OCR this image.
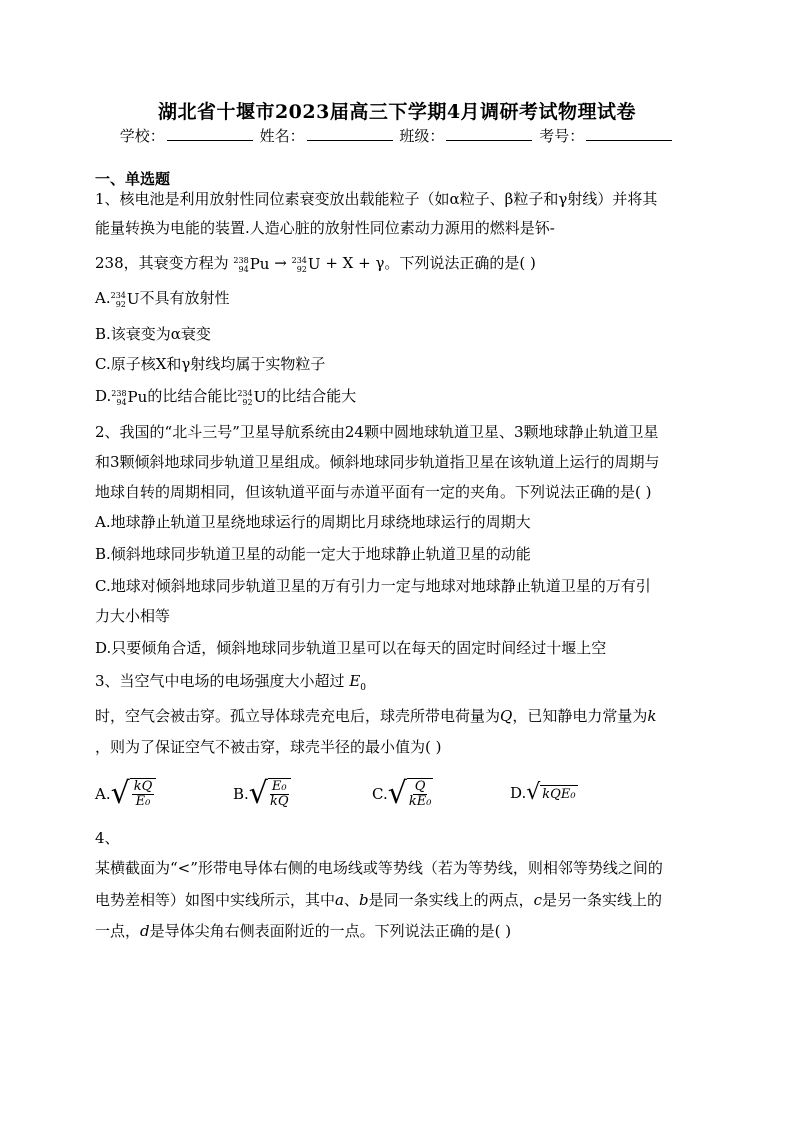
湖北省十堰市2023届高三下学期4月调研考试物理试卷
学校：	姓名：	班级：	考号：
一、单选题
1、核电池是利用放射性同位素衰变放出载能粒子（如α粒子、β粒子和γ射线）并将其
能量转换为电能的装置.人造心脏的放射性同位素动力源用的燃料是钚-
238，其衰变方程为 238
94 Pu → 234
92 U + X + γ。下列说法正确的是( )
A. 234
92 U不具有放射性
B.该衰变为α衰变
C.原子核X和γ射线均属于实物粒子
D. 238
94 Pu的比结合能比 234
92 U的比结合能大
2、我国的“北斗三号”卫星导航系统由24颗中圆地球轨道卫星、3颗地球静止轨道卫星
和3颗倾斜地球同步轨道卫星组成。倾斜地球同步轨道指卫星在该轨道上运行的周期与
地球自转的周期相同，但该轨道平面与赤道平面有一定的夹角。下列说法正确的是( )
A.地球静止轨道卫星绕地球运行的周期比月球绕地球运行的周期大
B.倾斜地球同步轨道卫星的动能一定大于地球静止轨道卫星的动能
C.地球对倾斜地球同步轨道卫星的万有引力一定与地球对地球静止轨道卫星的万有引
力大小相等
D.只要倾角合适，倾斜地球同步轨道卫星可以在每天的固定时间经过十堰上空
3、当空气中电场的电场强度大小超过 $E_0$
时，空气会被击穿。孤立导体球壳充电后，球壳所带电荷量为Q，已知静电力常量为k
，则为了保证空气不被击穿，球壳半径的最小值为( )
A. √ $\frac{kQ}{\text{E₀}}$	B. √ $\frac{\text{E₀}}{kQ}$	C. √ $\frac{Q}{\text{kE₀}}$	D. √ kQE₀
4、
某横截面为“<”形带电导体右侧的电场线或等势线（若为等势线，则相邻等势线之间的
电势差相等）如图中实线所示，其中a、b是同一条实线上的两点，c是另一条实线上的
一点，d是导体尖角右侧表面附近的一点。下列说法正确的是( )
